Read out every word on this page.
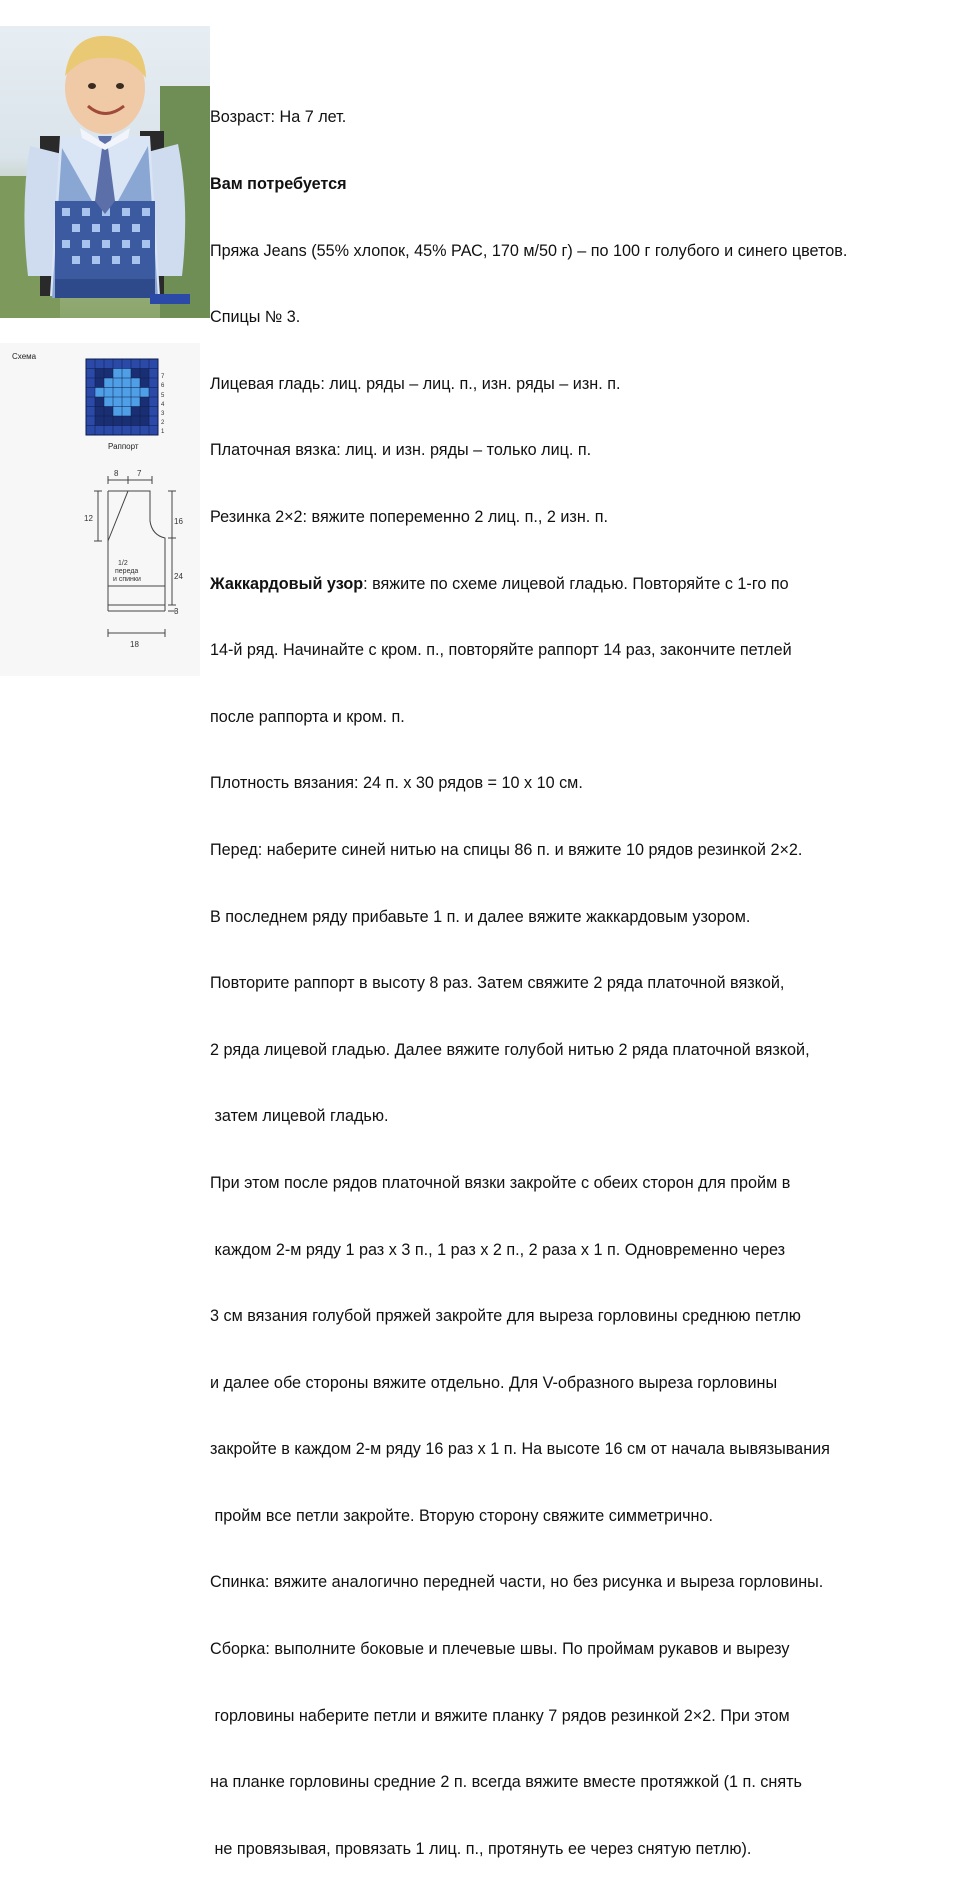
Схема
7
6
5
4
3
2
1
8 7
12	16
24
3
18
1/2
переда
и спинки
Раппорт

Возраст: На 7 лет.

Вам потребуется

Пряжа Jeans (55% хлопок, 45% РАС, 170 м/50 г) – по 100 г голубого и синего цветов.

Спицы № 3.

Лицевая гладь: лиц. ряды – лиц. п., изн. ряды – изн. п.

Платочная вязка: лиц. и изн. ряды – только лиц. п.

Резинка 2×2: вяжите попеременно 2 лиц. п., 2 изн. п.

Жаккардовый узор: вяжите по схеме лицевой гладью. Повторяйте с 1-го по

14-й ряд. Начинайте с кром. п., повторяйте раппорт 14 раз, закончите петлей

после раппорта и кром. п.

Плотность вязания: 24 п. х 30 рядов = 10 х 10 см.

Перед: наберите синей нитью на спицы 86 п. и вяжите 10 рядов резинкой 2×2.

В последнем ряду прибавьте 1 п. и далее вяжите жаккардовым узором.

Повторите раппорт в высоту 8 раз. Затем свяжите 2 ряда платочной вязкой,

2 ряда лицевой гладью. Далее вяжите голубой нитью 2 ряда платочной вязкой,

затем лицевой гладью.

При этом после рядов платочной вязки закройте с обеих сторон для пройм в

каждом 2-м ряду 1 раз х 3 п., 1 раз х 2 п., 2 раза х 1 п. Одновременно через

3 см вязания голубой пряжей закройте для выреза горловины среднюю петлю

и далее обе стороны вяжите отдельно. Для V-образного выреза горловины

закройте в каждом 2-м ряду 16 раз х 1 п. На высоте 16 см от начала вывязывания

пройм все петли закройте. Вторую сторону свяжите симметрично.

Спинка: вяжите аналогично передней части, но без рисунка и выреза горловины.

Сборка: выполните боковые и плечевые швы. По проймам рукавов и вырезу

горловины наберите петли и вяжите планку 7 рядов резинкой 2×2. При этом

на планке горловины средние 2 п. всегда вяжите вместе протяжкой (1 п. снять

не провязывая, провязать 1 лиц. п., протянуть ее через снятую петлю).
